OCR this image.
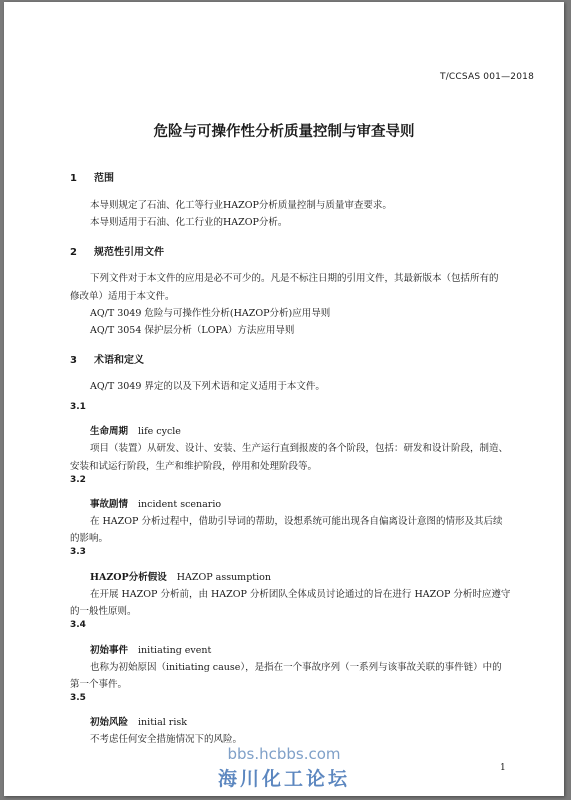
T/CCSAS 001—2018
危险与可操作性分析质量控制与审查导则
1 范围
本导则规定了石油、化工等行业HAZOP分析质量控制与质量审查要求。
本导则适用于石油、化工行业的HAZOP分析。
2 规范性引用文件
下列文件对于本文件的应用是必不可少的。凡是不标注日期的引用文件，其最新版本（包括所有的
修改单）适用于本文件。
AQ/T 3049 危险与可操作性分析(HAZOP分析)应用导则
AQ/T 3054 保护层分析（LOPA）方法应用导则
3 术语和定义
AQ/T 3049 界定的以及下列术语和定义适用于本文件。
3.1
生命周期 life cycle
项目（装置）从研发、设计、安装、生产运行直到报废的各个阶段，包括：研发和设计阶段，制造、
安装和试运行阶段，生产和维护阶段，停用和处理阶段等。
3.2
事故剧情 incident scenario
在 HAZOP 分析过程中，借助引导词的帮助，设想系统可能出现各自偏离设计意图的情形及其后续
的影响。
3.3
HAZOP分析假设 HAZOP assumption
在开展 HAZOP 分析前，由 HAZOP 分析团队全体成员讨论通过的旨在进行 HAZOP 分析时应遵守
的一般性原则。
3.4
初始事件 initiating event
也称为初始原因（initiating cause），是指在一个事故序列（一系列与该事故关联的事件链）中的
第一个事件。
3.5
初始风险 initial risk
不考虑任何安全措施情况下的风险。
1
bbs.hcbbs.com
海川化工论坛
